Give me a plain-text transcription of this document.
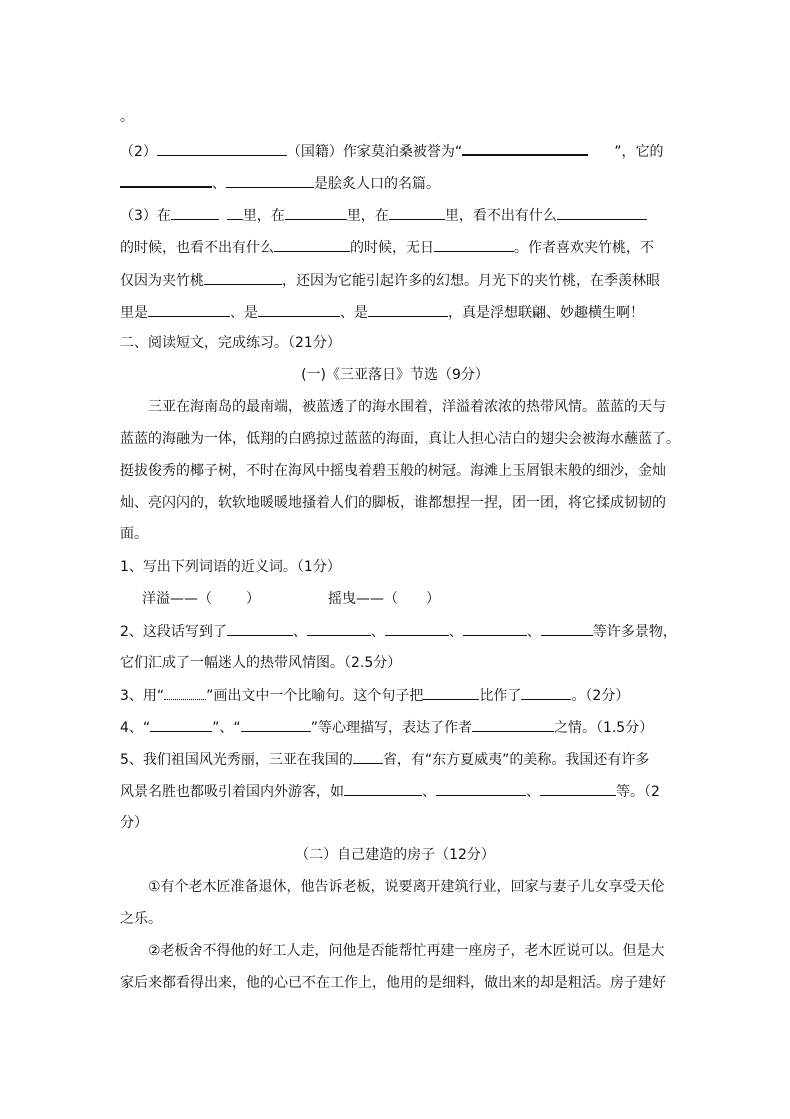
。
（2）	（国籍）作家莫泊桑被誉为“	”，它的
、	是脍炙人口的名篇。
（3）在	里，在	里，在	里，看不出有什么
的时候，也看不出有什么	的时候，无日	。作者喜欢夹竹桃，不
仅因为夹竹桃	，还因为它能引起许多的幻想。月光下的夹竹桃，在季羡林眼
里是	、是	、是	，真是浮想联翩、妙趣横生啊！
二、阅读短文，完成练习。（21分）
(一)《三亚落日》节选（9分）
三亚在海南岛的最南端，被蓝透了的海水围着，洋溢着浓浓的热带风情。蓝蓝的天与
蓝蓝的海融为一体，低翔的白鸥掠过蓝蓝的海面，真让人担心洁白的翅尖会被海水蘸蓝了。
挺拔俊秀的椰子树，不时在海风中摇曳着碧玉般的树冠。海滩上玉屑银末般的细沙，金灿
灿、亮闪闪的，软软地暖暖地搔着人们的脚板，谁都想捏一捏，团一团，将它揉成韧韧的
面。
1、写出下列词语的近义词。（1分）
洋溢——（ ）	摇曳——（ ）
2、这段话写到了	、	、	、	、	等许多景物，
它们汇成了一幅迷人的热带风情图。（2.5分）
3、用“	”画出文中一个比喻句。这个句子把	比作了	。（2分）
4、“	”、“	”等心理描写，表达了作者	之情。（1.5分）
5、我们祖国风光秀丽，三亚在我国的 省，有“东方夏威夷”的美称。我国还有许多
风景名胜也都吸引着国内外游客，如	、	、	等。（2
分）
（二）自己建造的房子（12分）
①有个老木匠准备退休，他告诉老板，说要离开建筑行业，回家与妻子儿女享受天伦
之乐。
②老板舍不得他的好工人走，问他是否能帮忙再建一座房子，老木匠说可以。但是大
家后来都看得出来，他的心已不在工作上，他用的是细料，做出来的却是粗活。房子建好
